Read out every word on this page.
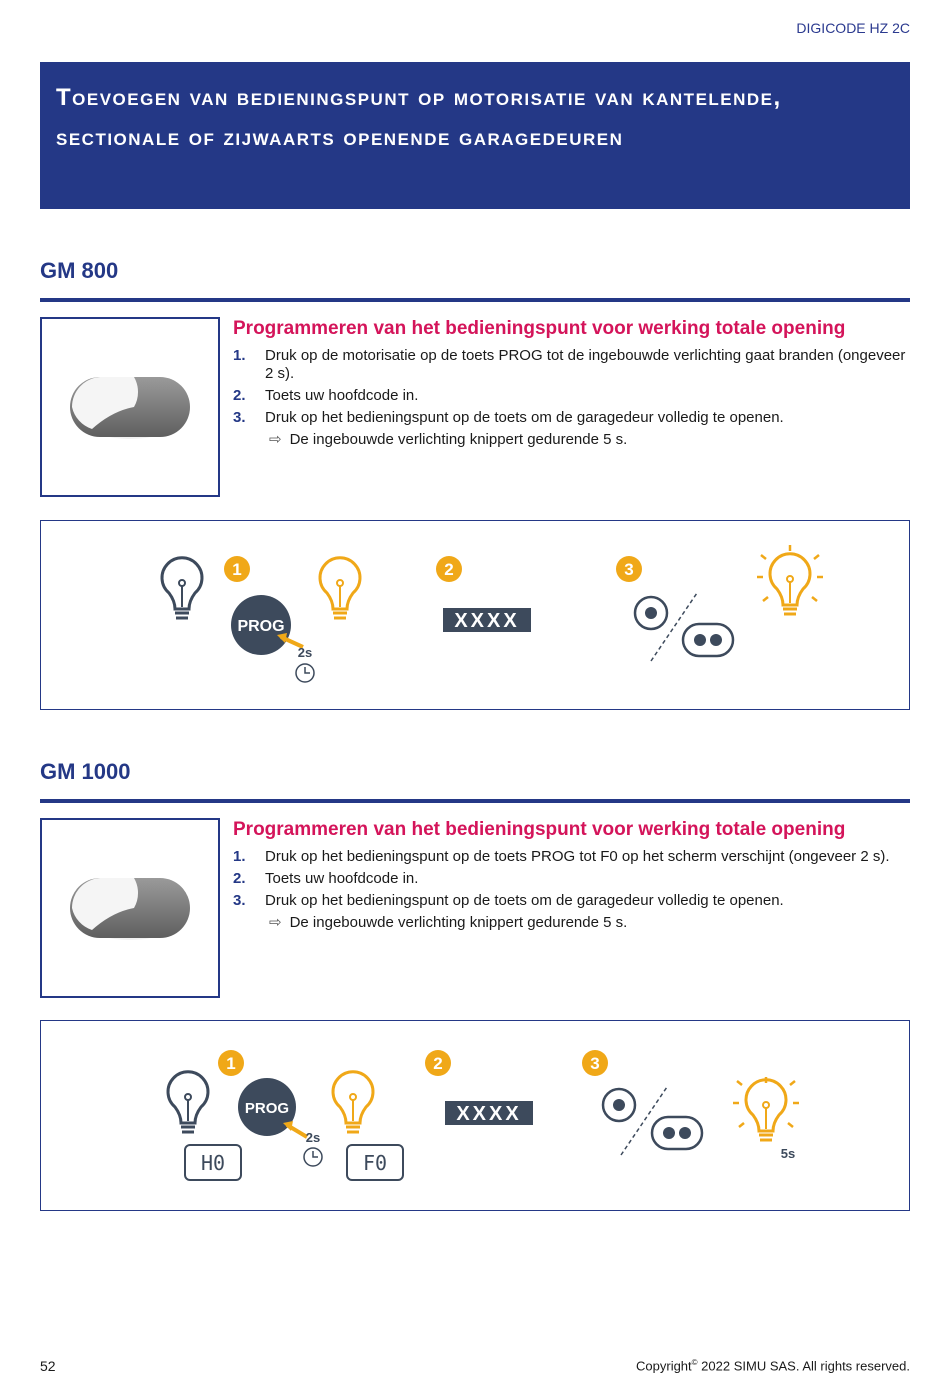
DIGICODE HZ 2C
Toevoegen van bedieningspunt op motorisatie van kantelende, sectionale of zijwaarts openende garagedeuren
GM 800
Programmeren van het bedieningspunt voor werking totale opening
1.	Druk op de motorisatie op de toets PROG tot de ingebouwde verlichting gaat branden (ongeveer 2 s).
2.	Toets uw hoofdcode in.
3.	Druk op het bedieningspunt op de toets om de garagedeur volledig te openen.
⇨ De ingebouwde verlichting knippert gedurende 5 s.
1
PROG
2s
2
XXXX
3
GM 1000
Programmeren van het bedieningspunt voor werking totale opening
1.	Druk op het bedieningspunt op de toets PROG tot F0 op het scherm verschijnt (ongeveer 2 s).
2.	Toets uw hoofdcode in.
3.	Druk op het bedieningspunt op de toets om de garagedeur volledig te openen.
⇨ De ingebouwde verlichting knippert gedurende 5 s.
1
H0
PROG
2s
F0
2
XXXX
3
5s
52	Copyright© 2022 SIMU SAS. All rights reserved.
